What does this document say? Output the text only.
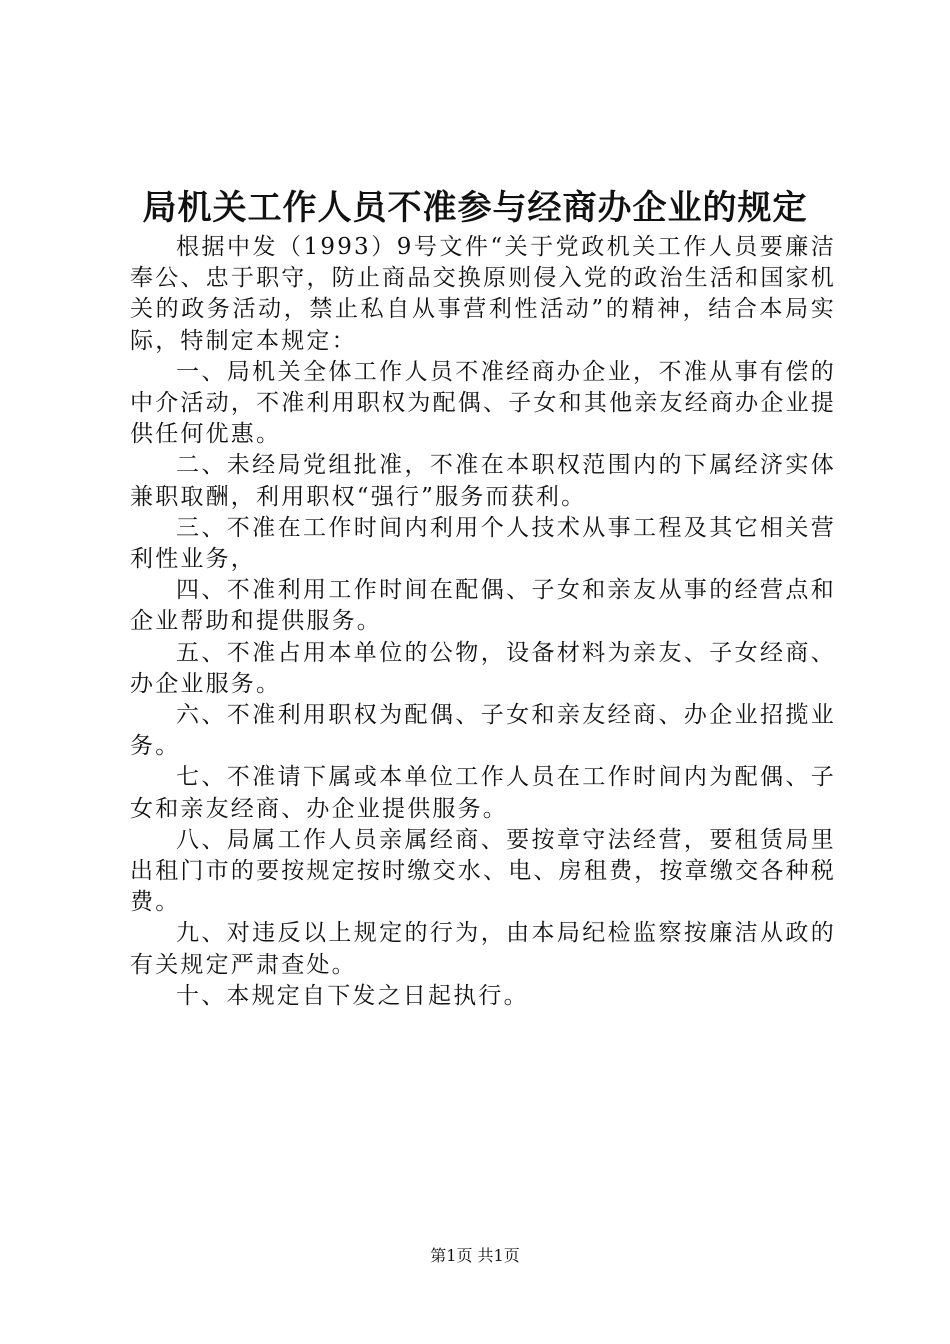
局机关工作人员不准参与经商办企业的规定

根据中发（1993）9号文件“关于党政机关工作人员要廉洁奉公、忠于职守，防止商品交换原则侵入党的政治生活和国家机关的政务活动，禁止私自从事营利性活动”的精神，结合本局实际，特制定本规定：

一、局机关全体工作人员不准经商办企业，不准从事有偿的中介活动，不准利用职权为配偶、子女和其他亲友经商办企业提供任何优惠。

二、未经局党组批准，不准在本职权范围内的下属经济实体兼职取酬，利用职权“强行”服务而获利。

三、不准在工作时间内利用个人技术从事工程及其它相关营利性业务，

四、不准利用工作时间在配偶、子女和亲友从事的经营点和企业帮助和提供服务。

五、不准占用本单位的公物，设备材料为亲友、子女经商、办企业服务。

六、不准利用职权为配偶、子女和亲友经商、办企业招揽业务。

七、不准请下属或本单位工作人员在工作时间内为配偶、子女和亲友经商、办企业提供服务。

八、局属工作人员亲属经商、要按章守法经营，要租赁局里出租门市的要按规定按时缴交水、电、房租费，按章缴交各种税费。

九、对违反以上规定的行为，由本局纪检监察按廉洁从政的有关规定严肃查处。

十、本规定自下发之日起执行。

第1页 共1页
